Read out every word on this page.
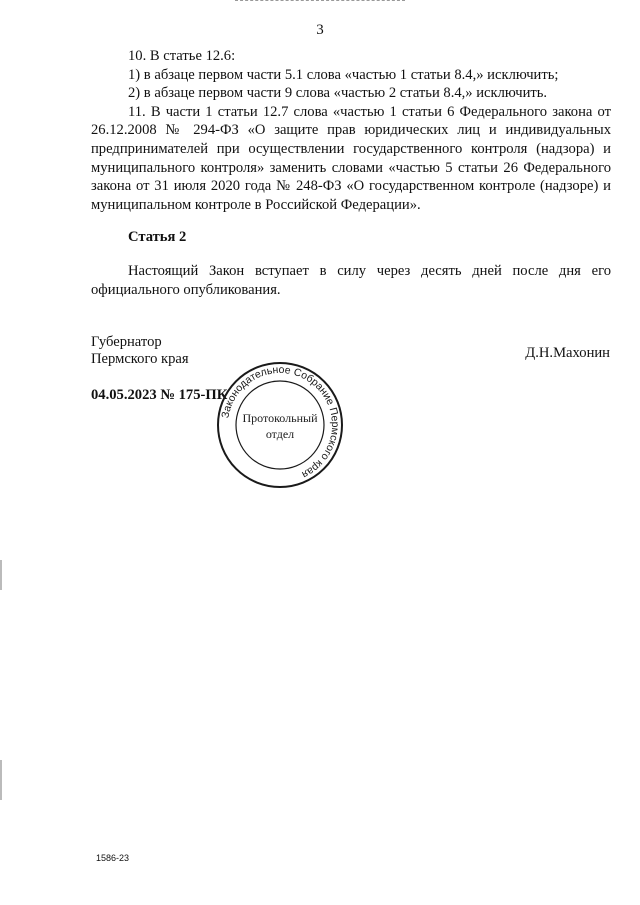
3

10. В статье 12.6:

1) в абзаце первом части 5.1 слова «частью 1 статьи 8.4,» исключить;

2) в абзаце первом части 9 слова «частью 2 статьи 8.4,» исключить.

11. В части 1 статьи 12.7 слова «частью 1 статьи 6 Федерального закона от 26.12.2008 № 294-ФЗ «О защите прав юридических лиц и индивидуальных предпринимателей при осуществлении государственного контроля (надзора) и муниципального контроля» заменить словами «частью 5 статьи 26 Федерального закона от 31 июля 2020 года № 248-ФЗ «О государственном контроле (надзоре) и муниципальном контроле в Российской Федерации».

Статья 2

Настоящий Закон вступает в силу через десять дней после дня его официального опубликования.

Губернатор
Пермского края	Д.Н.Махонин
04.05.2023 № 175-ПК
Законодательное Собрание Пермского края
Протокольный
отдел
1586-23
